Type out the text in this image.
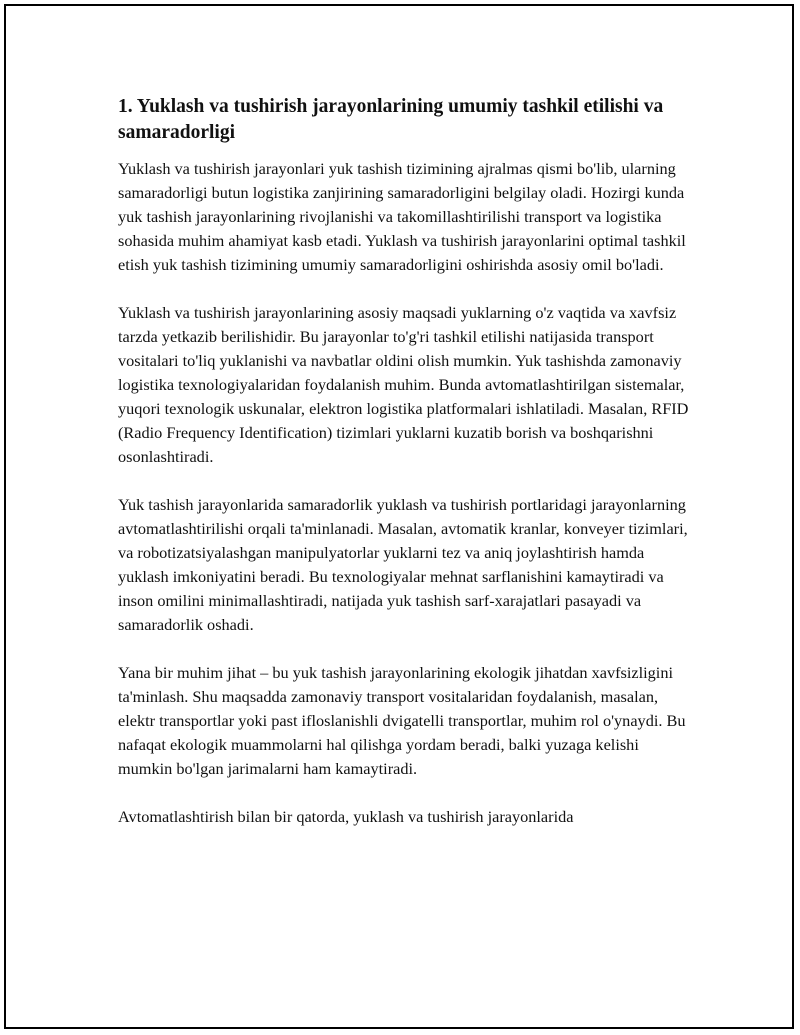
1. Yuklash va tushirish jarayonlarining umumiy tashkil etilishi va samaradorligi

Yuklash va tushirish jarayonlari yuk tashish tizimining ajralmas qismi bo'lib, ularning samaradorligi butun logistika zanjirining samaradorligini belgilay oladi. Hozirgi kunda yuk tashish jarayonlarining rivojlanishi va takomillashtirilishi transport va logistika sohasida muhim ahamiyat kasb etadi. Yuklash va tushirish jarayonlarini optimal tashkil etish yuk tashish tizimining umumiy samaradorligini oshirishda asosiy omil bo'ladi.

Yuklash va tushirish jarayonlarining asosiy maqsadi yuklarning o'z vaqtida va xavfsiz tarzda yetkazib berilishidir. Bu jarayonlar to'g'ri tashkil etilishi natijasida transport vositalari to'liq yuklanishi va navbatlar oldini olish mumkin. Yuk tashishda zamonaviy logistika texnologiyalaridan foydalanish muhim. Bunda avtomatlashtirilgan sistemalar, yuqori texnologik uskunalar, elektron logistika platformalari ishlatiladi. Masalan, RFID (Radio Frequency Identification) tizimlari yuklarni kuzatib borish va boshqarishni osonlashtiradi.

Yuk tashish jarayonlarida samaradorlik yuklash va tushirish portlaridagi jarayonlarning avtomatlashtirilishi orqali ta'minlanadi. Masalan, avtomatik kranlar, konveyer tizimlari, va robotizatsiyalashgan manipulyatorlar yuklarni tez va aniq joylashtirish hamda yuklash imkoniyatini beradi. Bu texnologiyalar mehnat sarflanishini kamaytiradi va inson omilini minimallashtiradi, natijada yuk tashish sarf-xarajatlari pasayadi va samaradorlik oshadi.

Yana bir muhim jihat – bu yuk tashish jarayonlarining ekologik jihatdan xavfsizligini ta'minlash. Shu maqsadda zamonaviy transport vositalaridan foydalanish, masalan, elektr transportlar yoki past ifloslanishli dvigatelli transportlar, muhim rol o'ynaydi. Bu nafaqat ekologik muammolarni hal qilishga yordam beradi, balki yuzaga kelishi mumkin bo'lgan jarimalarni ham kamaytiradi.

Avtomatlashtirish bilan bir qatorda, yuklash va tushirish jarayonlarida
